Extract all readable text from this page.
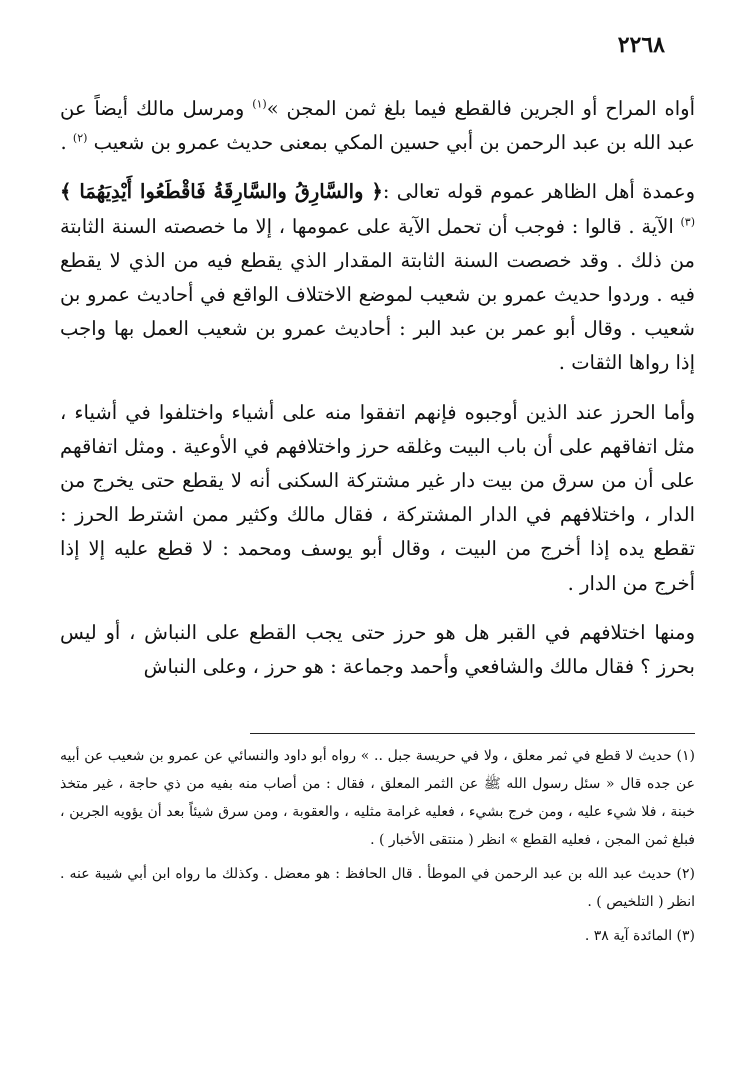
٢٢٦٨

أواه المراح أو الجرين فالقطع فيما بلغ ثمن المجن »$^{(١)}$ ومرسل مالك أيضاً عن عبد الله بن عبد الرحمن بن أبي حسين المكي بمعنى حديث عمرو بن شعيب $^{(٢)}$ .

وعمدة أهل الظاهر عموم قوله تعالى :﴿ والسَّارِقُ والسَّارِقَةُ فَاقْطَعُوا أَيْدِيَهُمَا ﴾$^{(٣)}$ الآية . قالوا : فوجب أن تحمل الآية على عمومها ، إلا ما خصصته السنة الثابتة من ذلك . وقد خصصت السنة الثابتة المقدار الذي يقطع فيه من الذي لا يقطع فيه . وردوا حديث عمرو بن شعيب لموضع الاختلاف الواقع في أحاديث عمرو بن شعيب . وقال أبو عمر بن عبد البر : أحاديث عمرو بن شعيب العمل بها واجب إذا رواها الثقات .

وأما الحرز عند الذين أوجبوه فإنهم اتفقوا منه على أشياء واختلفوا في أشياء ، مثل اتفاقهم على أن باب البيت وغلقه حرز واختلافهم في الأوعية . ومثل اتفاقهم على أن من سرق من بيت دار غير مشتركة السكنى أنه لا يقطع حتى يخرج من الدار ، واختلافهم في الدار المشتركة ، فقال مالك وكثير ممن اشترط الحرز : تقطع يده إذا أخرج من البيت ، وقال أبو يوسف ومحمد : لا قطع عليه إلا إذا أخرج من الدار .

ومنها اختلافهم في القبر هل هو حرز حتى يجب القطع على النباش ، أو ليس بحرز ؟ فقال مالك والشافعي وأحمد وجماعة : هو حرز ، وعلى النباش

(١) حديث لا قطع في ثمر معلق ، ولا في حريسة جبل .. » رواه أبو داود والنسائي عن عمرو بن شعيب عن أبيه عن جده قال « سئل رسول الله ﷺ عن الثمر المعلق ، فقال : من أصاب منه بفيه من ذي حاجة ، غير متخذ خبنة ، فلا شيء عليه ، ومن خرج بشيء ، فعليه غرامة مثليه ، والعقوبة ، ومن سرق شيئاً بعد أن يؤويه الجرين ، فبلغ ثمن المجن ، فعليه القطع » انظر ( منتقى الأخبار ) .

(٢) حديث عبد الله بن عبد الرحمن في الموطأ . قال الحافظ : هو معضل . وكذلك ما رواه ابن أبي شيبة عنه . انظر ( التلخيص ) .

(٣) المائدة آية ٣٨ .
